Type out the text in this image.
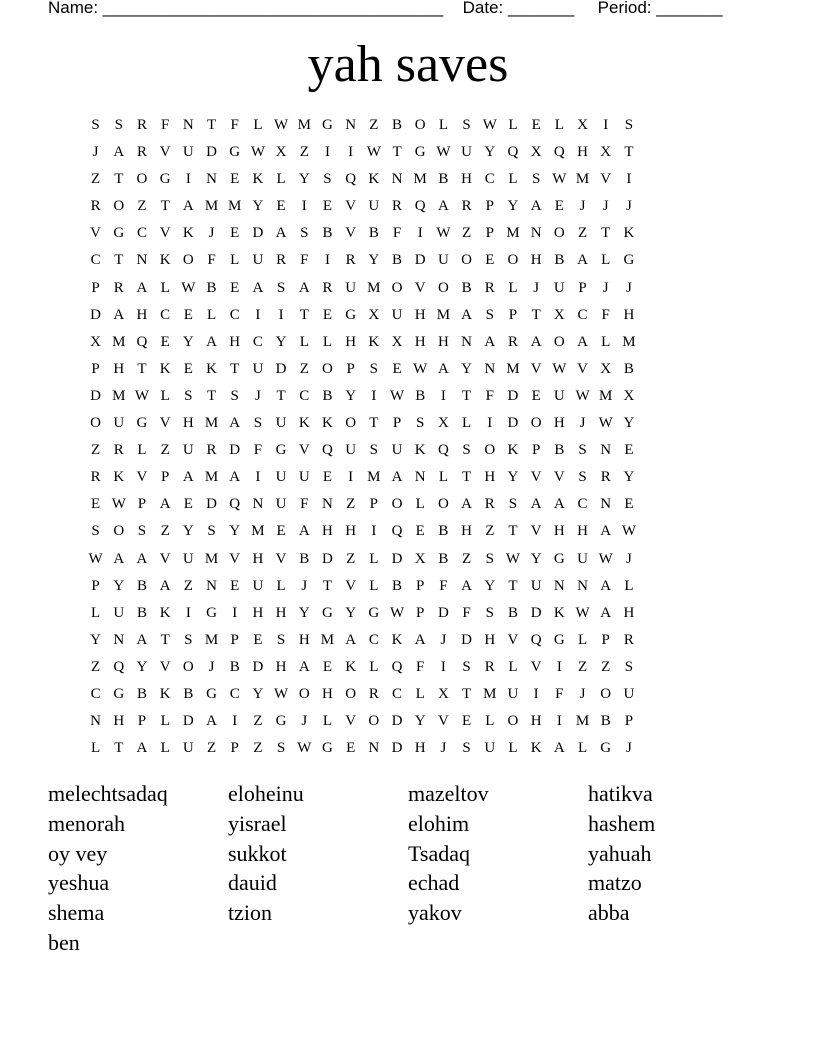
Name: ____________________________________ Date: _______ Period: _______
yah saves
S S R F N T F L W M G N Z B O L S W L E L X	I	S
J A R V U D G W X Z	I	I W T G W U Y Q X Q H X T
Z T O G	I	N E K L Y S Q K N M B H C L S W M V	I
R O Z T A M M Y E	I	E V U R Q A R P Y A E	J	J	J
V G C V K J	E D A S B V B F	I W Z P M N O Z T K
C T N K O F L U R F	I	R Y B D U O E O H B A L G
P R A L W B E A S A R U M O V O B R L	J U P	J	J
D A H C E L C	I	I	T E G X U H M A S P T X C F H
X M Q E Y A H C Y L L H K X H H N A R A O A L M
P H T K E K T U D Z O P S E W A Y N M V W V X B
D M W L S T S	J	T C B Y	I W B	I	T F D E U W M X
O U G V H M A S U K K O T P S X L	I	D O H J W Y
Z R L Z U R D F G V Q U S U K Q S O K P B S N E
R K V P A M A	I	U U E	I M A N L T H Y V V S R Y
E W P A E D Q N U F N Z P O L O A R S A A C N E
S O S Z Y S Y M E A H H	I	Q E B H Z T V H H A W
W A A V U M V H V B D Z L D X B Z S W Y G U W J
P Y B A Z N E U L	J	T V L B P F A Y T U N N A L
L U B K	I	G	I	H H Y G Y G W P D F S B D K W A H
Y N A T S M P E S H M A C K A J D H V Q G L P R
Z Q Y V O J	B D H A E K L Q F	I	S R L V	I	Z Z S
C G B K B G C Y W O H O R C L X T M U	I	F	J O U
N H P L D A	I	Z G J	L V O D Y V E L O H	I M B P
L T A L U Z P Z S W G E N D H J	S U L K A L G J
melechtsadaq	eloheinu	mazeltov	hatikva
menorah	yisrael	elohim	hashem
oy vey	sukkot	Tsadaq	yahuah
yeshua	dauid	echad	matzo
shema	tzion	yakov	abba
ben
